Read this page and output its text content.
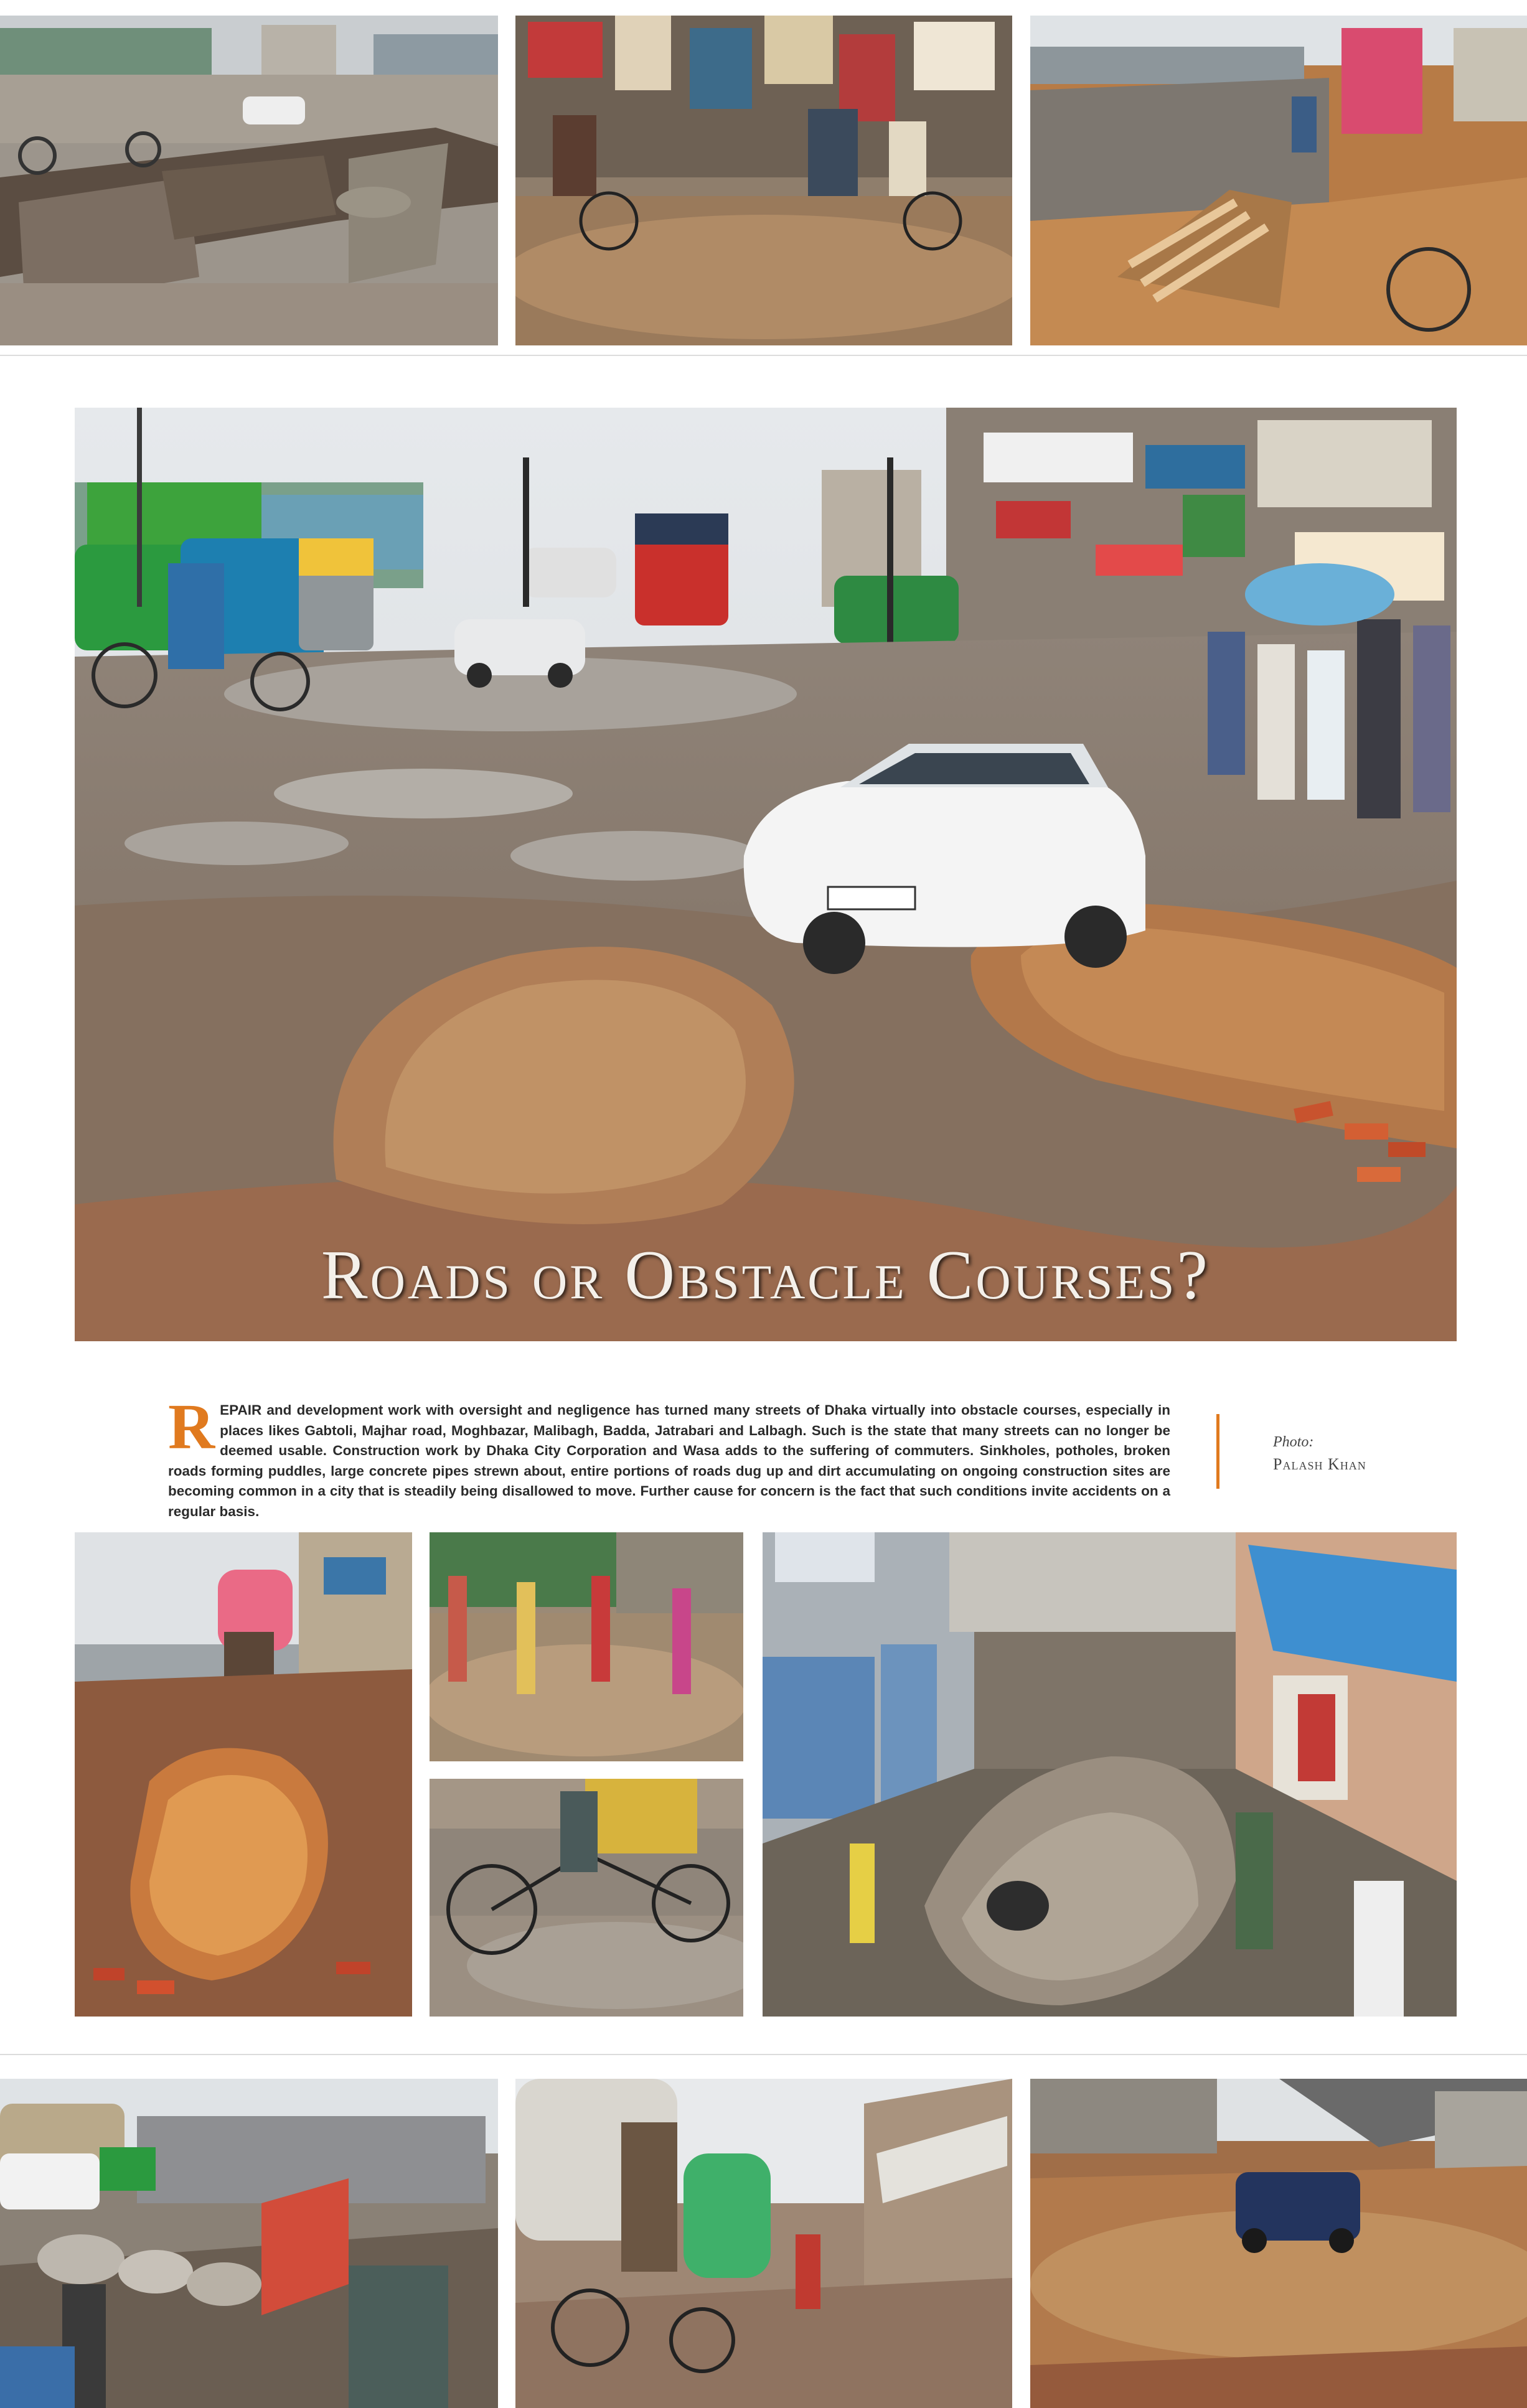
Roads or Obstacle Courses?
REPAIR and development work with oversight and negligence has turned many streets of Dhaka virtually into obstacle courses, especially in places likes Gabtoli, Majhar road, Moghbazar, Malibagh, Badda, Jatrabari and Lalbagh. Such is the state that many streets can no longer be deemed usable. Construction work by Dhaka City Corporation and Wasa adds to the suffering of commuters. Sinkholes, potholes, broken roads forming puddles, large concrete pipes strewn about, entire portions of roads dug up and dirt accumulating on ongoing construction sites are becoming common in a city that is steadily being disallowed to move. Further cause for concern is the fact that such conditions invite accidents on a regular basis.
Photo:
Palash Khan
